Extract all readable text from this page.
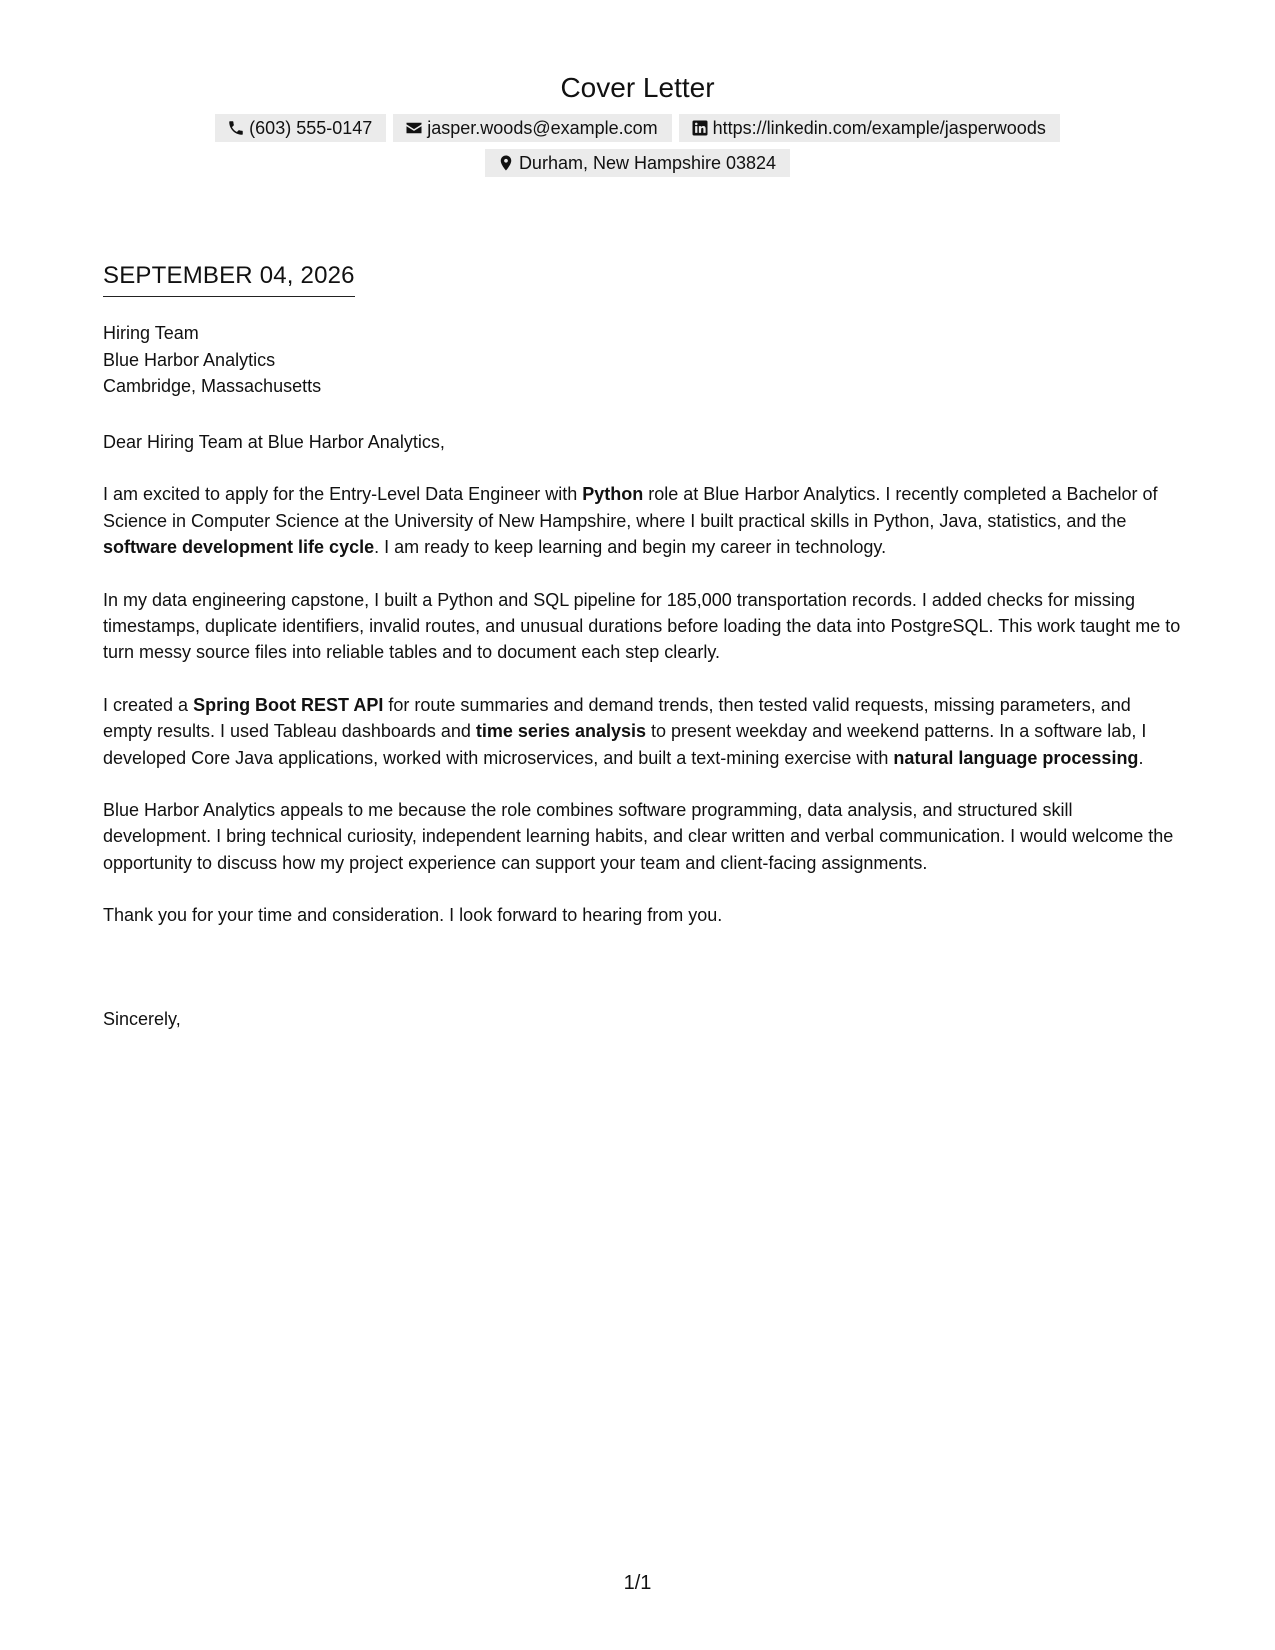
Cover Letter
(603) 555-0147	jasper.woods@example.com	https://linkedin.com/example/jasperwoods
Durham, New Hampshire 03824
SEPTEMBER 04, 2026
Hiring Team
Blue Harbor Analytics
Cambridge, Massachusetts

Dear Hiring Team at Blue Harbor Analytics,

I am excited to apply for the Entry-Level Data Engineer with Python role at Blue Harbor Analytics. I recently completed a Bachelor of Science in Computer Science at the University of New Hampshire, where I built practical skills in Python, Java, statistics, and the software development life cycle. I am ready to keep learning and begin my career in technology.

In my data engineering capstone, I built a Python and SQL pipeline for 185,000 transportation records. I added checks for missing timestamps, duplicate identifiers, invalid routes, and unusual durations before loading the data into PostgreSQL. This work taught me to turn messy source files into reliable tables and to document each step clearly.

I created a Spring Boot REST API for route summaries and demand trends, then tested valid requests, missing parameters, and empty results. I used Tableau dashboards and time series analysis to present weekday and weekend patterns. In a software lab, I developed Core Java applications, worked with microservices, and built a text-mining exercise with natural language processing.

Blue Harbor Analytics appeals to me because the role combines software programming, data analysis, and structured skill development. I bring technical curiosity, independent learning habits, and clear written and verbal communication. I would welcome the opportunity to discuss how my project experience can support your team and client-facing assignments.

Thank you for your time and consideration. I look forward to hearing from you.

Sincerely,
1/1
